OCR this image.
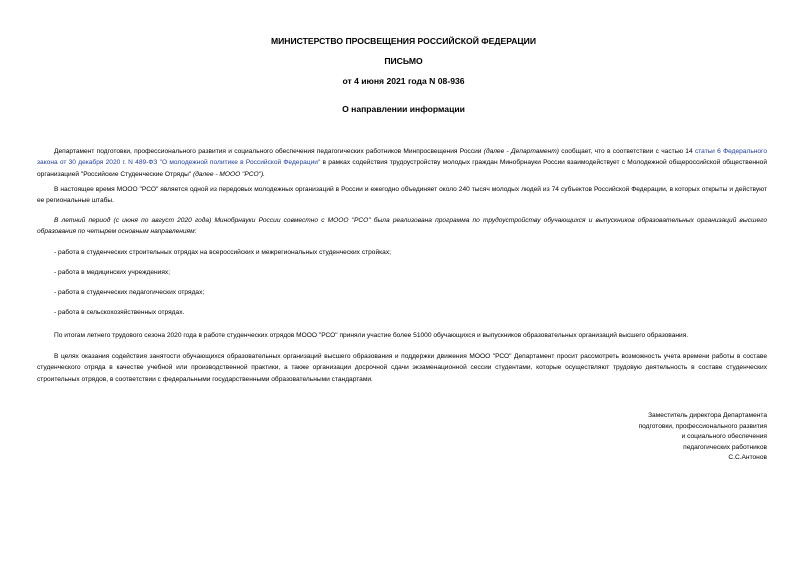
МИНИСТЕРСТВО ПРОСВЕЩЕНИЯ РОССИЙСКОЙ ФЕДЕРАЦИИ
ПИСЬМО
от 4 июня 2021 года N 08-936
О направлении информации
Департамент подготовки, профессионального развития и социального обеспечения педагогических работников Минпросвещения России (далее - Департамент) сообщает, что в соответствии с частью 14 статьи 6 Федерального закона от 30 декабря 2020 г. N 489-ФЗ "О молодежной политике в Российской Федерации" в рамках содействия трудоустройству молодых граждан Минобрнауки России взаимодействует с Молодежной общероссийской общественной организацией "Российские Студенческие Отряды" (далее - МООО "РСО").
В настоящее время МООО "РСО" является одной из передовых молодежных организаций в России и ежегодно объединяет около 240 тысяч молодых людей из 74 субъектов Российской Федерации, в которых открыты и действуют ее региональные штабы.
В летний период (с июня по август 2020 года) Минобрнауки России совместно с МООО "РСО" была реализована программа по трудоустройству обучающихся и выпускников образовательных организаций высшего образования по четырем основным направлениям:
- работа в студенческих строительных отрядах на всероссийских и межрегиональных студенческих стройках;
- работа в медицинских учреждениях;
- работа в студенческих педагогических отрядах;
- работа в сельскохозяйственных отрядах.
По итогам летнего трудового сезона 2020 года в работе студенческих отрядов МООО "РСО" приняли участие более 51000 обучающихся и выпускников образовательных организаций высшего образования.
В целях оказания содействия занятости обучающихся образовательных организаций высшего образования и поддержки движения МООО "РСО" Департамент просит рассмотреть возможность учета времени работы в составе студенческого отряда в качестве учебной или производственной практики, а также организации досрочной сдачи экзаменационной сессии студентами, которые осуществляют трудовую деятельность в составе студенческих строительных отрядов, в соответствии с федеральными государственными образовательными стандартами.
Заместитель директора Департамента
подготовки, профессионального развития
и социального обеспечения
педагогических работников
С.С.Антонов
